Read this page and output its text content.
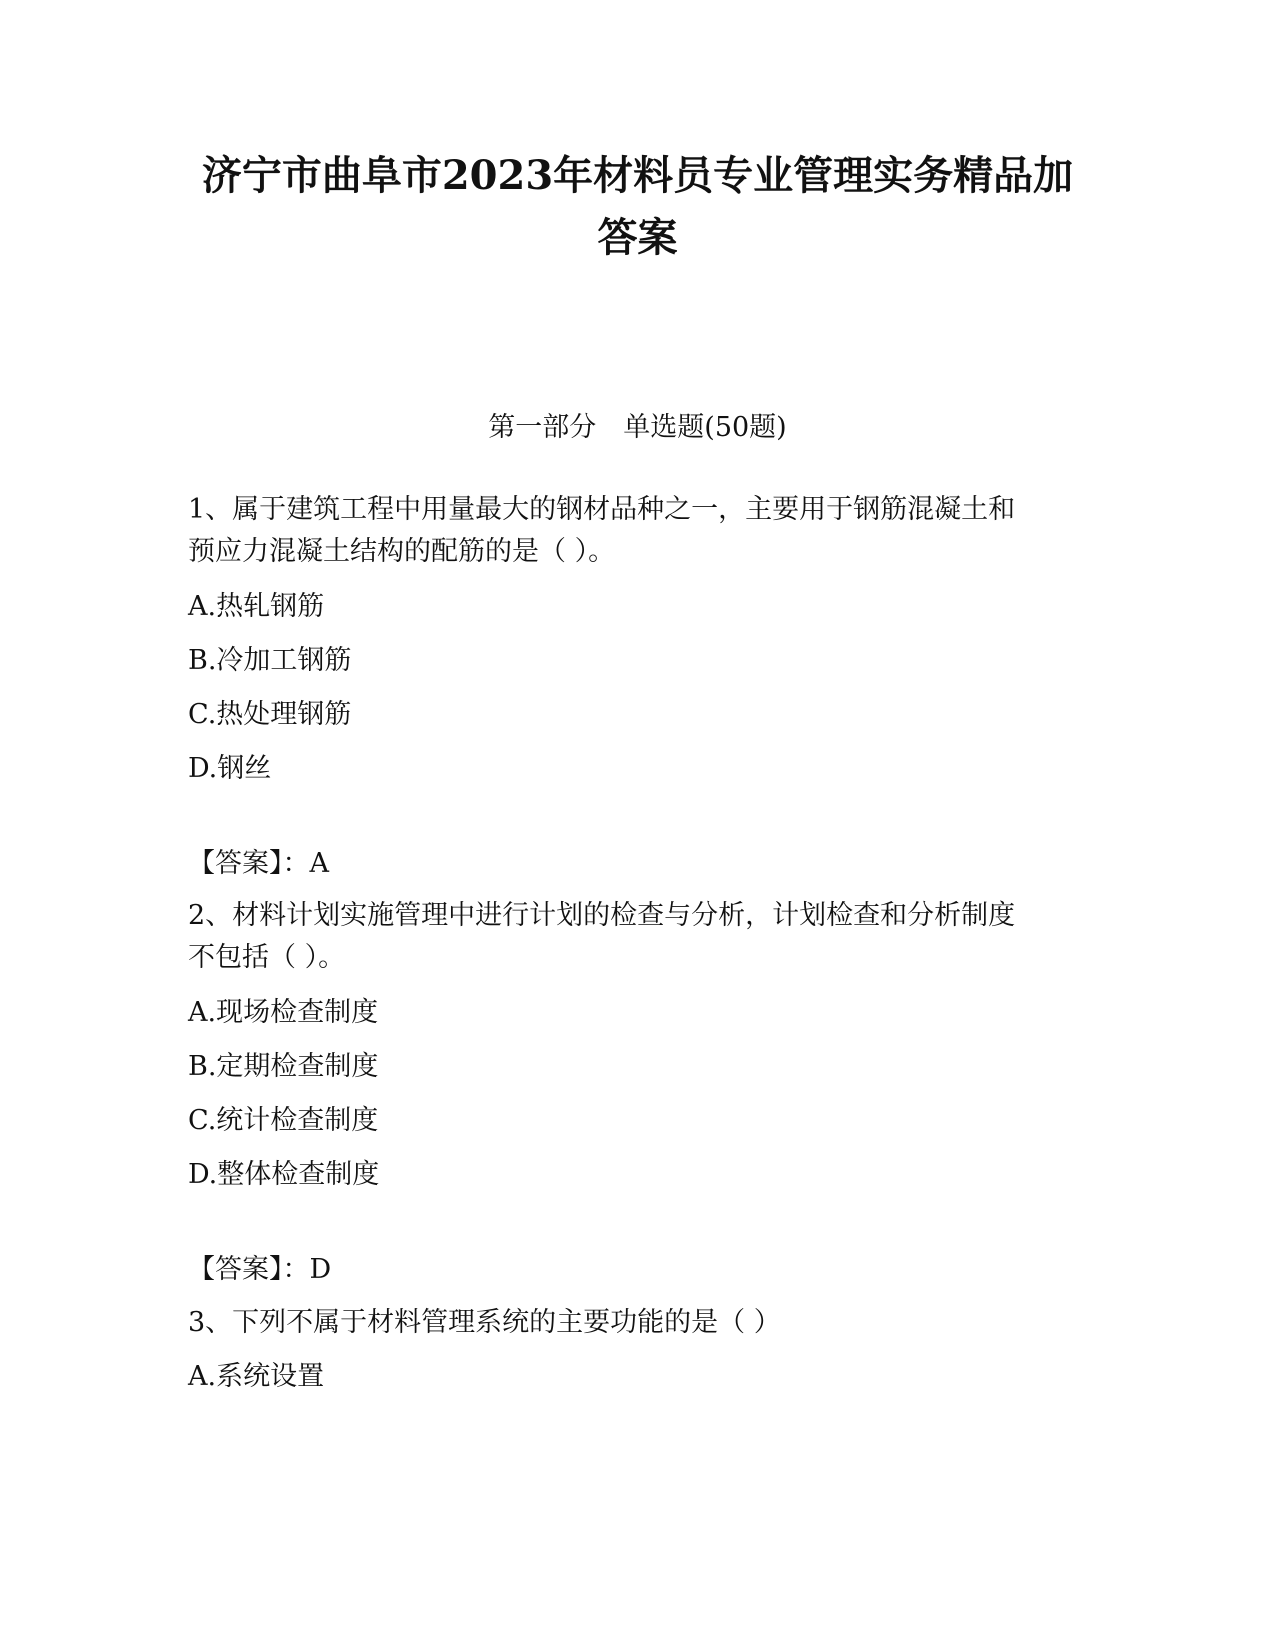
济宁市曲阜市2023年材料员专业管理实务精品加
答案
第一部分　单选题(50题)
1、属于建筑工程中用量最大的钢材品种之一，主要用于钢筋混凝土和
预应力混凝土结构的配筋的是（ ）。
A.热轧钢筋
B.冷加工钢筋
C.热处理钢筋
D.钢丝
【答案】：A
2、材料计划实施管理中进行计划的检查与分析，计划检查和分析制度
不包括（ ）。
A.现场检查制度
B.定期检查制度
C.统计检查制度
D.整体检查制度
【答案】：D
3、下列不属于材料管理系统的主要功能的是（ ）
A.系统设置
